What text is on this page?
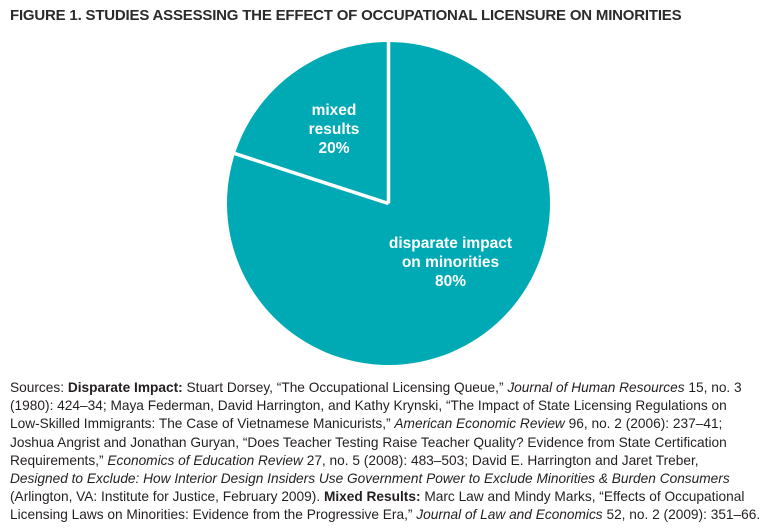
FIGURE 1. STUDIES ASSESSING THE EFFECT OF OCCUPATIONAL LICENSURE ON MINORITIES
mixed results
20%
disparate impact on minorities
80%
Sources: Disparate Impact: Stuart Dorsey, “The Occupational Licensing Queue,” Journal of Human Resources 15, no. 3
(1980): 424–34; Maya Federman, David Harrington, and Kathy Krynski, “The Impact of State Licensing Regulations on
Low-Skilled Immigrants: The Case of Vietnamese Manicurists,” American Economic Review 96, no. 2 (2006): 237–41;
Joshua Angrist and Jonathan Guryan, “Does Teacher Testing Raise Teacher Quality? Evidence from State Certification
Requirements,” Economics of Education Review 27, no. 5 (2008): 483–503; David E. Harrington and Jaret Treber,
Designed to Exclude: How Interior Design Insiders Use Government Power to Exclude Minorities & Burden Consumers
(Arlington, VA: Institute for Justice, February 2009). Mixed Results: Marc Law and Mindy Marks, “Effects of Occupational
Licensing Laws on Minorities: Evidence from the Progressive Era,” Journal of Law and Economics 52, no. 2 (2009): 351–66.
